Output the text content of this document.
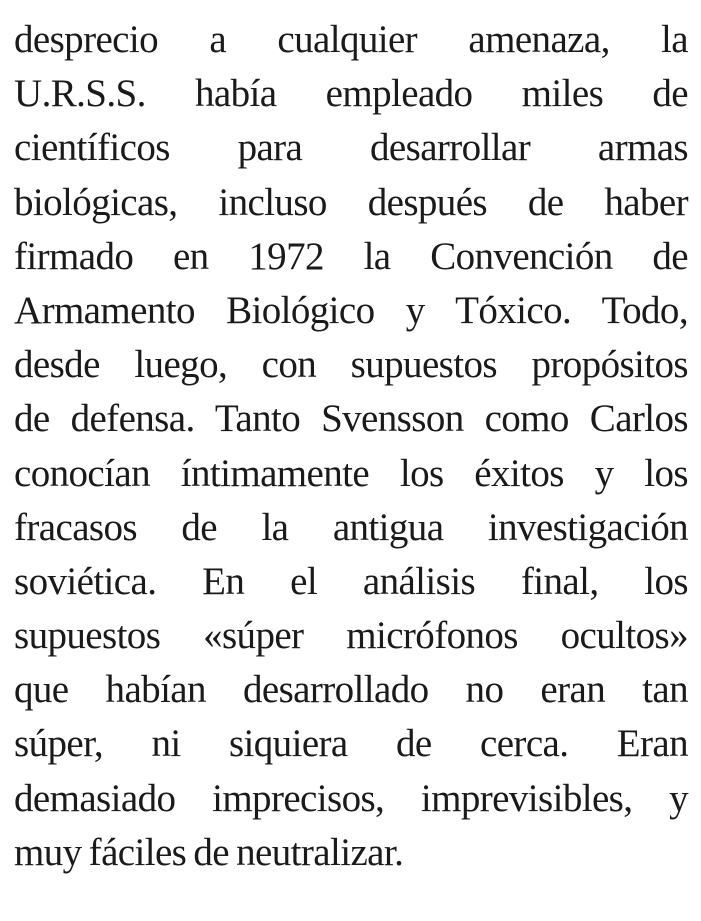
desprecio a cualquier amenaza, la
U.R.S.S. había empleado miles de
científicos para desarrollar armas
biológicas, incluso después de haber
firmado en 1972 la Convención de
Armamento Biológico y Tóxico. Todo,
desde luego, con supuestos propósitos
de defensa. Tanto Svensson como Carlos
conocían íntimamente los éxitos y los
fracasos de la antigua investigación
soviética. En el análisis final, los
supuestos «súper micrófonos ocultos»
que habían desarrollado no eran tan
súper, ni siquiera de cerca. Eran
demasiado imprecisos, imprevisibles, y
muy fáciles de neutralizar.
